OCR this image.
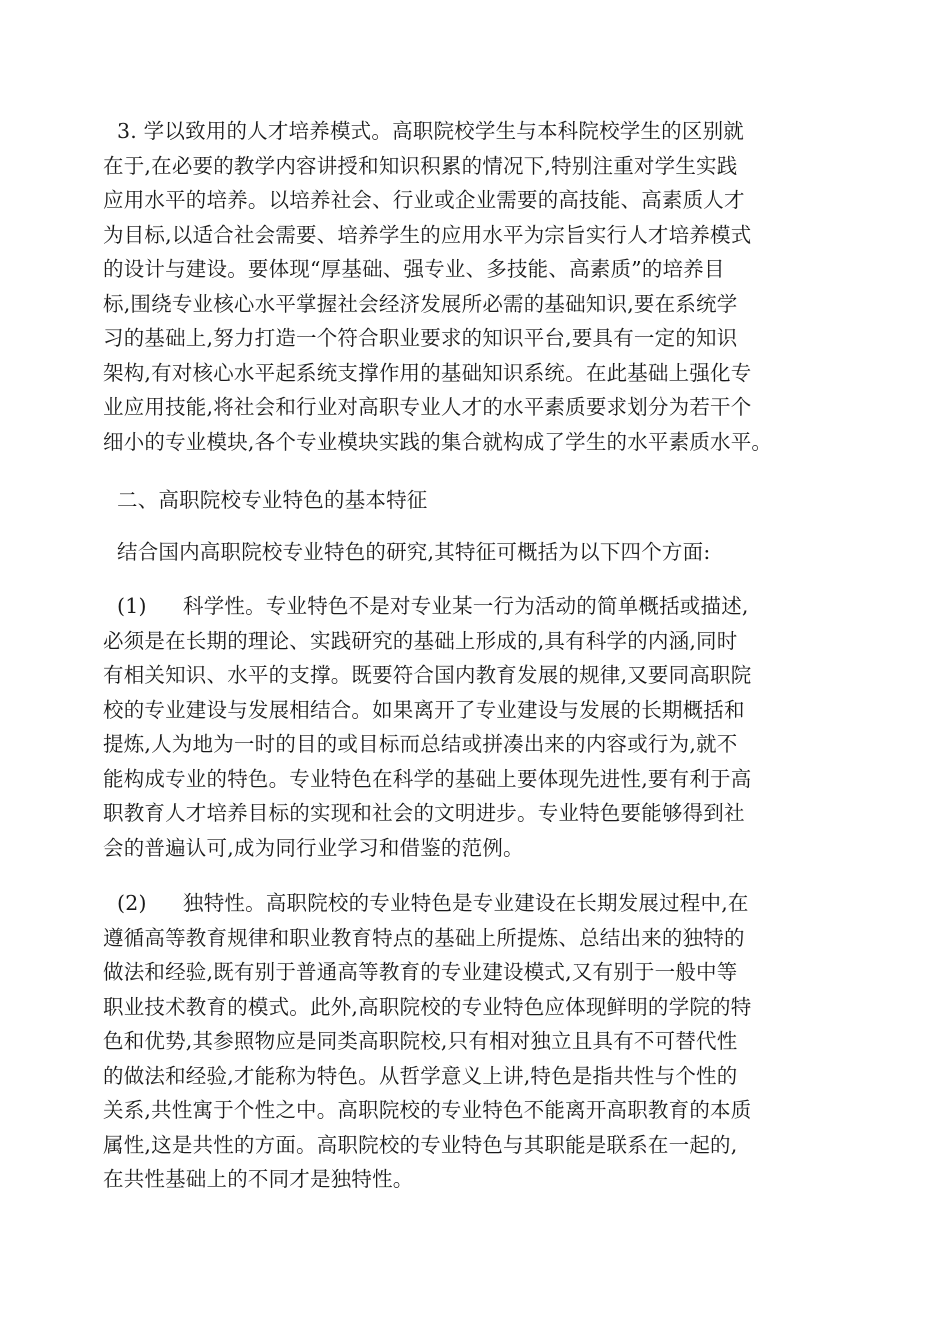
3. 学以致用的人才培养模式。高职院校学生与本科院校学生的区别就
在于,在必要的教学内容讲授和知识积累的情况下,特别注重对学生实践
应用水平的培养。以培养社会、行业或企业需要的高技能、高素质人才
为目标,以适合社会需要、培养学生的应用水平为宗旨实行人才培养模式
的设计与建设。要体现“厚基础、强专业、多技能、高素质”的培养目
标,围绕专业核心水平掌握社会经济发展所必需的基础知识,要在系统学
习的基础上,努力打造一个符合职业要求的知识平台,要具有一定的知识
架构,有对核心水平起系统支撑作用的基础知识系统。在此基础上强化专
业应用技能,将社会和行业对高职专业人才的水平素质要求划分为若干个
细小的专业模块,各个专业模块实践的集合就构成了学生的水平素质水平。
二、高职院校专业特色的基本特征
结合国内高职院校专业特色的研究,其特征可概括为以下四个方面:
(1) 科学性。专业特色不是对专业某一行为活动的简单概括或描述,
必须是在长期的理论、实践研究的基础上形成的,具有科学的内涵,同时
有相关知识、水平的支撑。既要符合国内教育发展的规律,又要同高职院
校的专业建设与发展相结合。如果离开了专业建设与发展的长期概括和
提炼,人为地为一时的目的或目标而总结或拼凑出来的内容或行为,就不
能构成专业的特色。专业特色在科学的基础上要体现先进性,要有利于高
职教育人才培养目标的实现和社会的文明进步。专业特色要能够得到社
会的普遍认可,成为同行业学习和借鉴的范例。
(2) 独特性。高职院校的专业特色是专业建设在长期发展过程中,在
遵循高等教育规律和职业教育特点的基础上所提炼、总结出来的独特的
做法和经验,既有别于普通高等教育的专业建设模式,又有别于一般中等
职业技术教育的模式。此外,高职院校的专业特色应体现鲜明的学院的特
色和优势,其参照物应是同类高职院校,只有相对独立且具有不可替代性
的做法和经验,才能称为特色。从哲学意义上讲,特色是指共性与个性的
关系,共性寓于个性之中。高职院校的专业特色不能离开高职教育的本质
属性,这是共性的方面。高职院校的专业特色与其职能是联系在一起的,
在共性基础上的不同才是独特性。
